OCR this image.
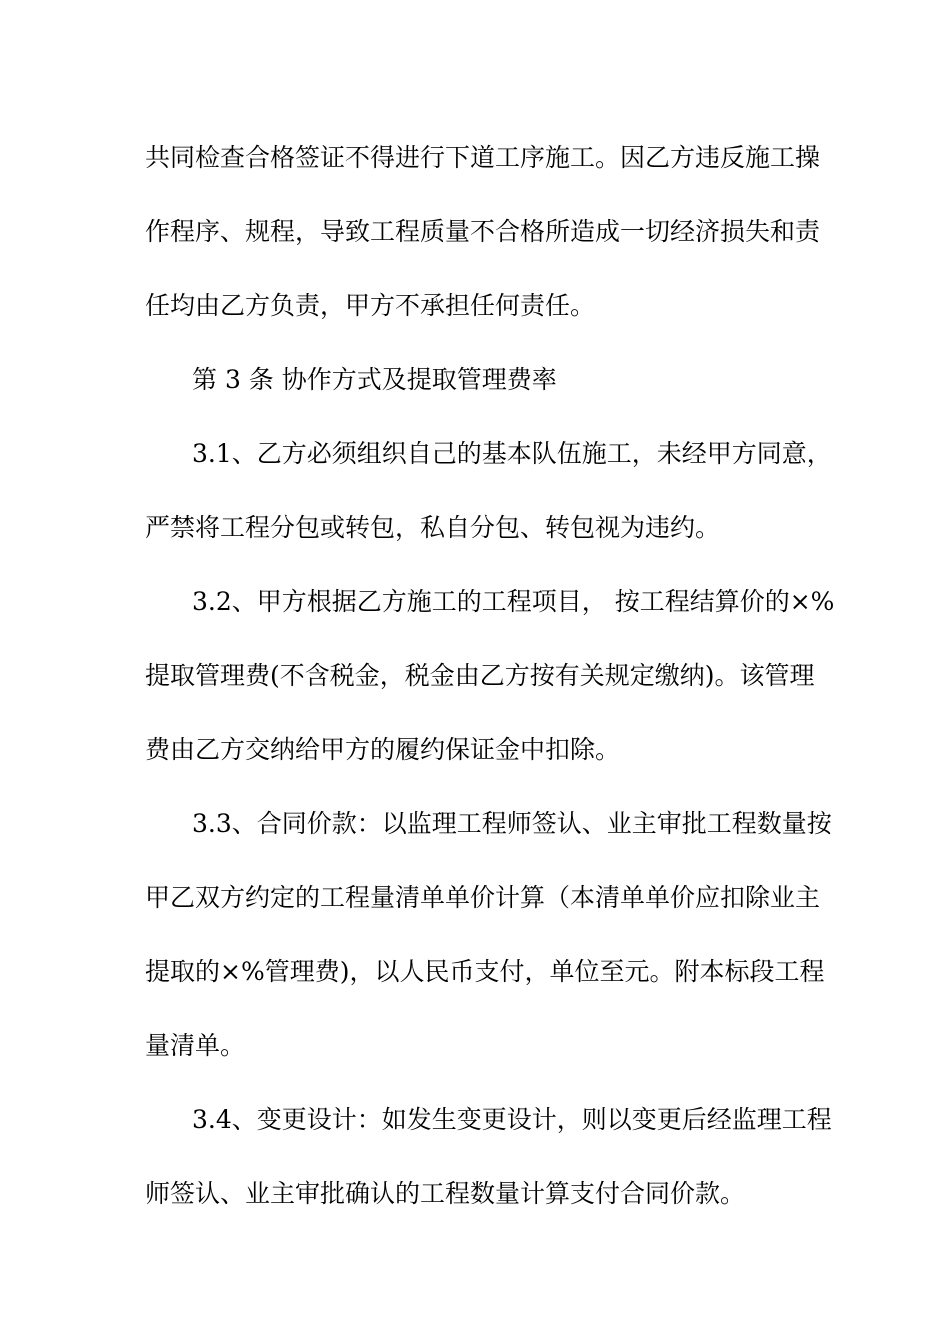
共同检查合格签证不得进行下道工序施工。因乙方违反施工操
作程序、规程，导致工程质量不合格所造成一切经济损失和责
任均由乙方负责，甲方不承担任何责任。
第 3 条 协作方式及提取管理费率
3.1、乙方必须组织自己的基本队伍施工，未经甲方同意，
严禁将工程分包或转包，私自分包、转包视为违约。
3.2、甲方根据乙方施工的工程项目， 按工程结算价的×%
提取管理费(不含税金，税金由乙方按有关规定缴纳)。该管理
费由乙方交纳给甲方的履约保证金中扣除。
3.3、合同价款：以监理工程师签认、业主审批工程数量按
甲乙双方约定的工程量清单单价计算（本清单单价应扣除业主
提取的×%管理费)，以人民币支付，单位至元。附本标段工程
量清单。
3.4、变更设计：如发生变更设计，则以变更后经监理工程
师签认、业主审批确认的工程数量计算支付合同价款。
